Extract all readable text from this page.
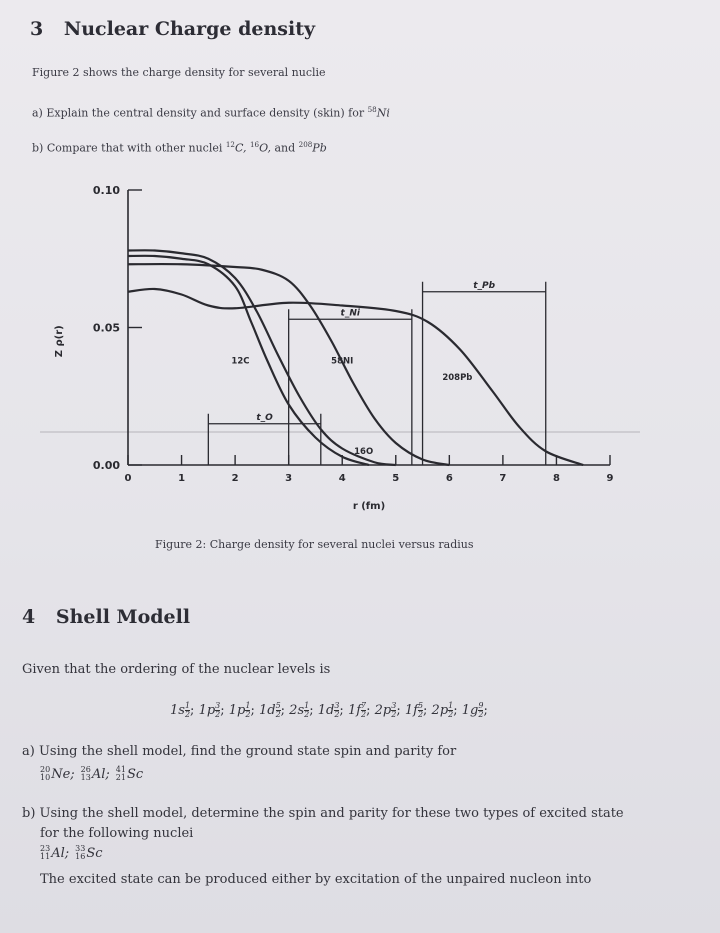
3 Nuclear Charge density
Figure 2 shows the charge density for several nuclie
a) Explain the central density and surface density (skin) for $^{58}$Ni
b) Compare that with other nuclei $^{12}$C, $^{16}$O, and $^{208}$Pb
0.00
0.05
0.10
0	1	2	3	4	5	6	7	8	9
r (fm)
Z ρ(r)
t_O
t_Ni
t_Pb
12C
16O
58NI
208Pb
Figure 2: Charge density for several nuclei versus radius
4 Shell Modell
Given that the ordering of the nuclear levels is
$1s \frac{1}{2}$ ; $1p \frac{3}{2}$ ; $1p \frac{1}{2}$ ; $1d \frac{5}{2}$ ; $2s \frac{1}{2}$ ; $1d \frac{3}{2}$ ; $1f \frac{7}{2}$ ; $2p \frac{3}{2}$ ; $1f \frac{5}{2}$ ; $2p \frac{1}{2}$ ; $1g \frac{9}{2}$ ;
a) Using the shell model, find the ground state spin and parity for
20
10 Ne; 26
13 Al; 41
21 Sc
b) Using the shell model, determine the spin and parity for these two types of excited state
for the following nuclei
23
11 Al; 33
16 Sc
The excited state can be produced either by excitation of the unpaired nucleon into
